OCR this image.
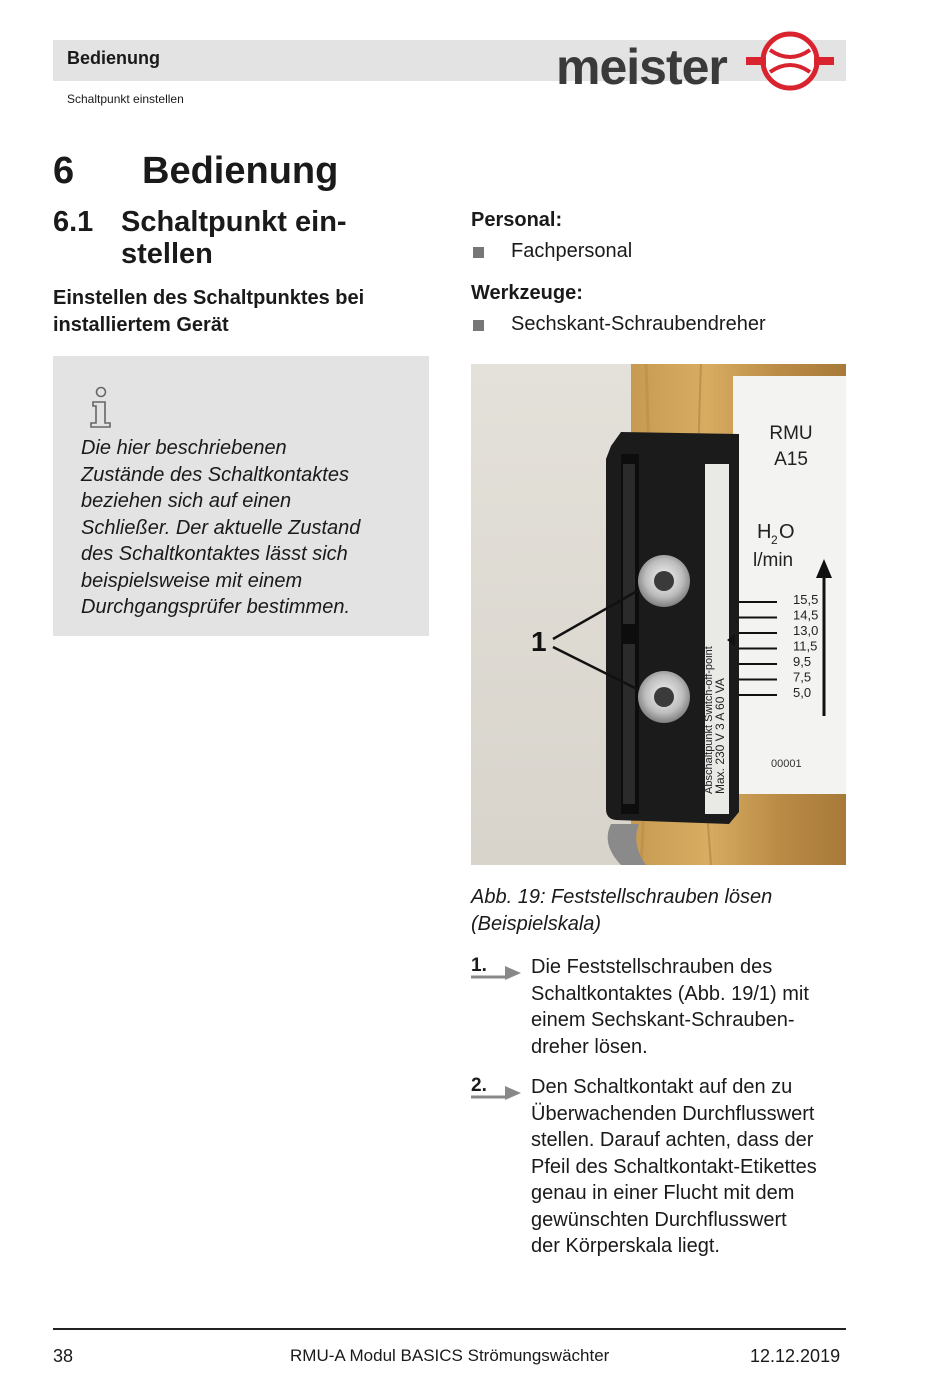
Bedienung
Schaltpunkt einstellen
meister
6 Bedienung
6.1 Schaltpunkt ein-
stellen
Einstellen des Schaltpunktes bei
installiertem Gerät
Die hier beschriebenen
Zustände des Schaltkontaktes
beziehen sich auf einen
Schließer. Der aktuelle Zustand
des Schaltkontaktes lässt sich
beispielsweise mit einem
Durchgangsprüfer bestimmen.
Personal:
Fachpersonal
Werkzeuge:
Sechskant-Schraubendreher
RMU
A15
H 2 O
l/min
15,5
14,5
13,0
11,5
9,5
7,5
5,0
00001
Max. 230 V 3 A 60 VA
Abschaltpunkt Switch-off-point
1
Abb. 19: Feststellschrauben lösen
(Beispielskala)
1. Die Feststellschrauben des
Schaltkontaktes (Abb. 19/1) mit
einem Sechskant-Schrauben-
dreher lösen.
2. Den Schaltkontakt auf den zu
Überwachenden Durchflusswert
stellen. Darauf achten, dass der
Pfeil des Schaltkontakt-Etikettes
genau in einer Flucht mit dem
gewünschten Durchflusswert
der Körperskala liegt.
38	RMU-A Modul BASICS Strömungswächter	12.12.2019
